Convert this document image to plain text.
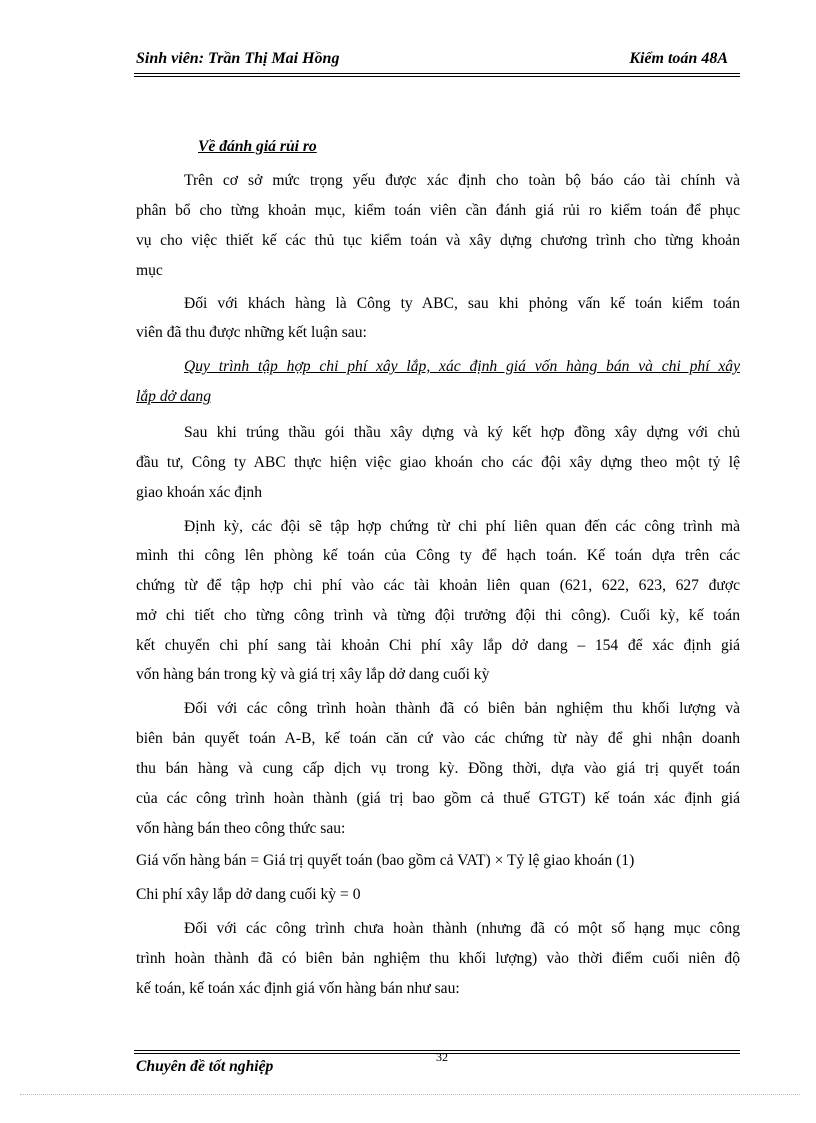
Sinh viên: Trần Thị Mai Hồng	Kiểm toán 48A
Về đánh giá rủi ro
Trên cơ sở mức trọng yếu được xác định cho toàn bộ báo cáo tài chính và
phân bổ cho từng khoản mục, kiểm toán viên cần đánh giá rủi ro kiểm toán để phục
vụ cho việc thiết kế các thủ tục kiểm toán và xây dựng chương trình cho từng khoản
mục
Đối với khách hàng là Công ty ABC, sau khi phỏng vấn kế toán kiểm toán
viên đã thu được những kết luận sau:
Quy trình tập hợp chi phí xây lắp, xác định giá vốn hàng bán và chi phí xây
lắp dở dang
Sau khi trúng thầu gói thầu xây dựng và ký kết hợp đồng xây dựng với chủ
đầu tư, Công ty ABC thực hiện việc giao khoán cho các đội xây dựng theo một tỷ lệ
giao khoán xác định
Định kỳ, các đội sẽ tập hợp chứng từ chi phí liên quan đến các công trình mà
mình thi công lên phòng kế toán của Công ty để hạch toán. Kế toán dựa trên các
chứng từ để tập hợp chi phí vào các tài khoản liên quan (621, 622, 623, 627 được
mở chi tiết cho từng công trình và từng đội trưởng đội thi công). Cuối kỳ, kế toán
kết chuyển chi phí sang tài khoản Chi phí xây lắp dở dang – 154 để xác định giá
vốn hàng bán trong kỳ và giá trị xây lắp dở dang cuối kỳ
Đối với các công trình hoàn thành đã có biên bản nghiệm thu khối lượng và
biên bản quyết toán A-B, kế toán căn cứ vào các chứng từ này để ghi nhận doanh
thu bán hàng và cung cấp dịch vụ trong kỳ. Đồng thời, dựa vào giá trị quyết toán
của các công trình hoàn thành (giá trị bao gồm cả thuế GTGT) kế toán xác định giá
vốn hàng bán theo công thức sau:
Giá vốn hàng bán = Giá trị quyết toán (bao gồm cả VAT) × Tỷ lệ giao khoán (1)
Chi phí xây lắp dở dang cuối kỳ = 0
Đối với các công trình chưa hoàn thành (nhưng đã có một số hạng mục công
trình hoàn thành đã có biên bản nghiệm thu khối lượng) vào thời điểm cuối niên độ
kế toán, kế toán xác định giá vốn hàng bán như sau:
Chuyên đề tốt nghiệp
32
